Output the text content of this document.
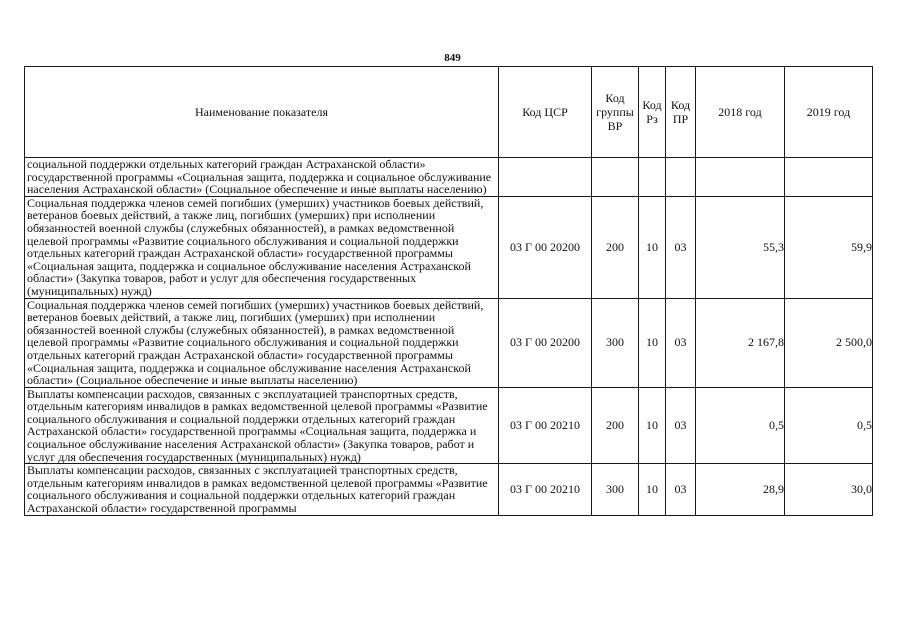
849
Наименование показателя	Код ЦСР	Код группы ВР	Код Рз	Код ПР	2018 год	2019 год
социальной поддержки отдельных категорий граждан Астраханской области» государственной программы «Социальная защита, поддержка и социальное обслуживание населения Астраханской области» (Социальное обеспечение и иные выплаты населению)						
Социальная поддержка членов семей погибших (умерших) участников боевых действий, ветеранов боевых действий, а также лиц, погибших (умерших) при исполнении обязанностей военной службы (служебных обязанностей), в рамках ведомственной целевой программы «Развитие социального обслуживания и социальной поддержки отдельных категорий граждан Астраханской области» государственной программы «Социальная защита, поддержка и социальное обслуживание населения Астраханской области» (Закупка товаров, работ и услуг для обеспечения государственных (муниципальных) нужд)	03 Г 00 20200	200	10	03	55,3	59,9
Социальная поддержка членов семей погибших (умерших) участников боевых действий, ветеранов боевых действий, а также лиц, погибших (умерших) при исполнении обязанностей военной службы (служебных обязанностей), в рамках ведомственной целевой программы «Развитие социального обслуживания и социальной поддержки отдельных категорий граждан Астраханской области» государственной программы «Социальная защита, поддержка и социальное обслуживание населения Астраханской области» (Социальное обеспечение и иные выплаты населению)	03 Г 00 20200	300	10	03	2 167,8	2 500,0
Выплаты компенсации расходов, связанных с эксплуатацией транспортных средств, отдельным категориям инвалидов в рамках ведомственной целевой программы «Развитие социального обслуживания и социальной поддержки отдельных категорий граждан Астраханской области» государственной программы «Социальная защита, поддержка и социальное обслуживание населения Астраханской области» (Закупка товаров, работ и услуг для обеспечения государственных (муниципальных) нужд)	03 Г 00 20210	200	10	03	0,5	0,5
Выплаты компенсации расходов, связанных с эксплуатацией транспортных средств, отдельным категориям инвалидов в рамках ведомственной целевой программы «Развитие социального обслуживания и социальной поддержки отдельных категорий граждан Астраханской области» государственной программы	03 Г 00 20210	300	10	03	28,9	30,0
